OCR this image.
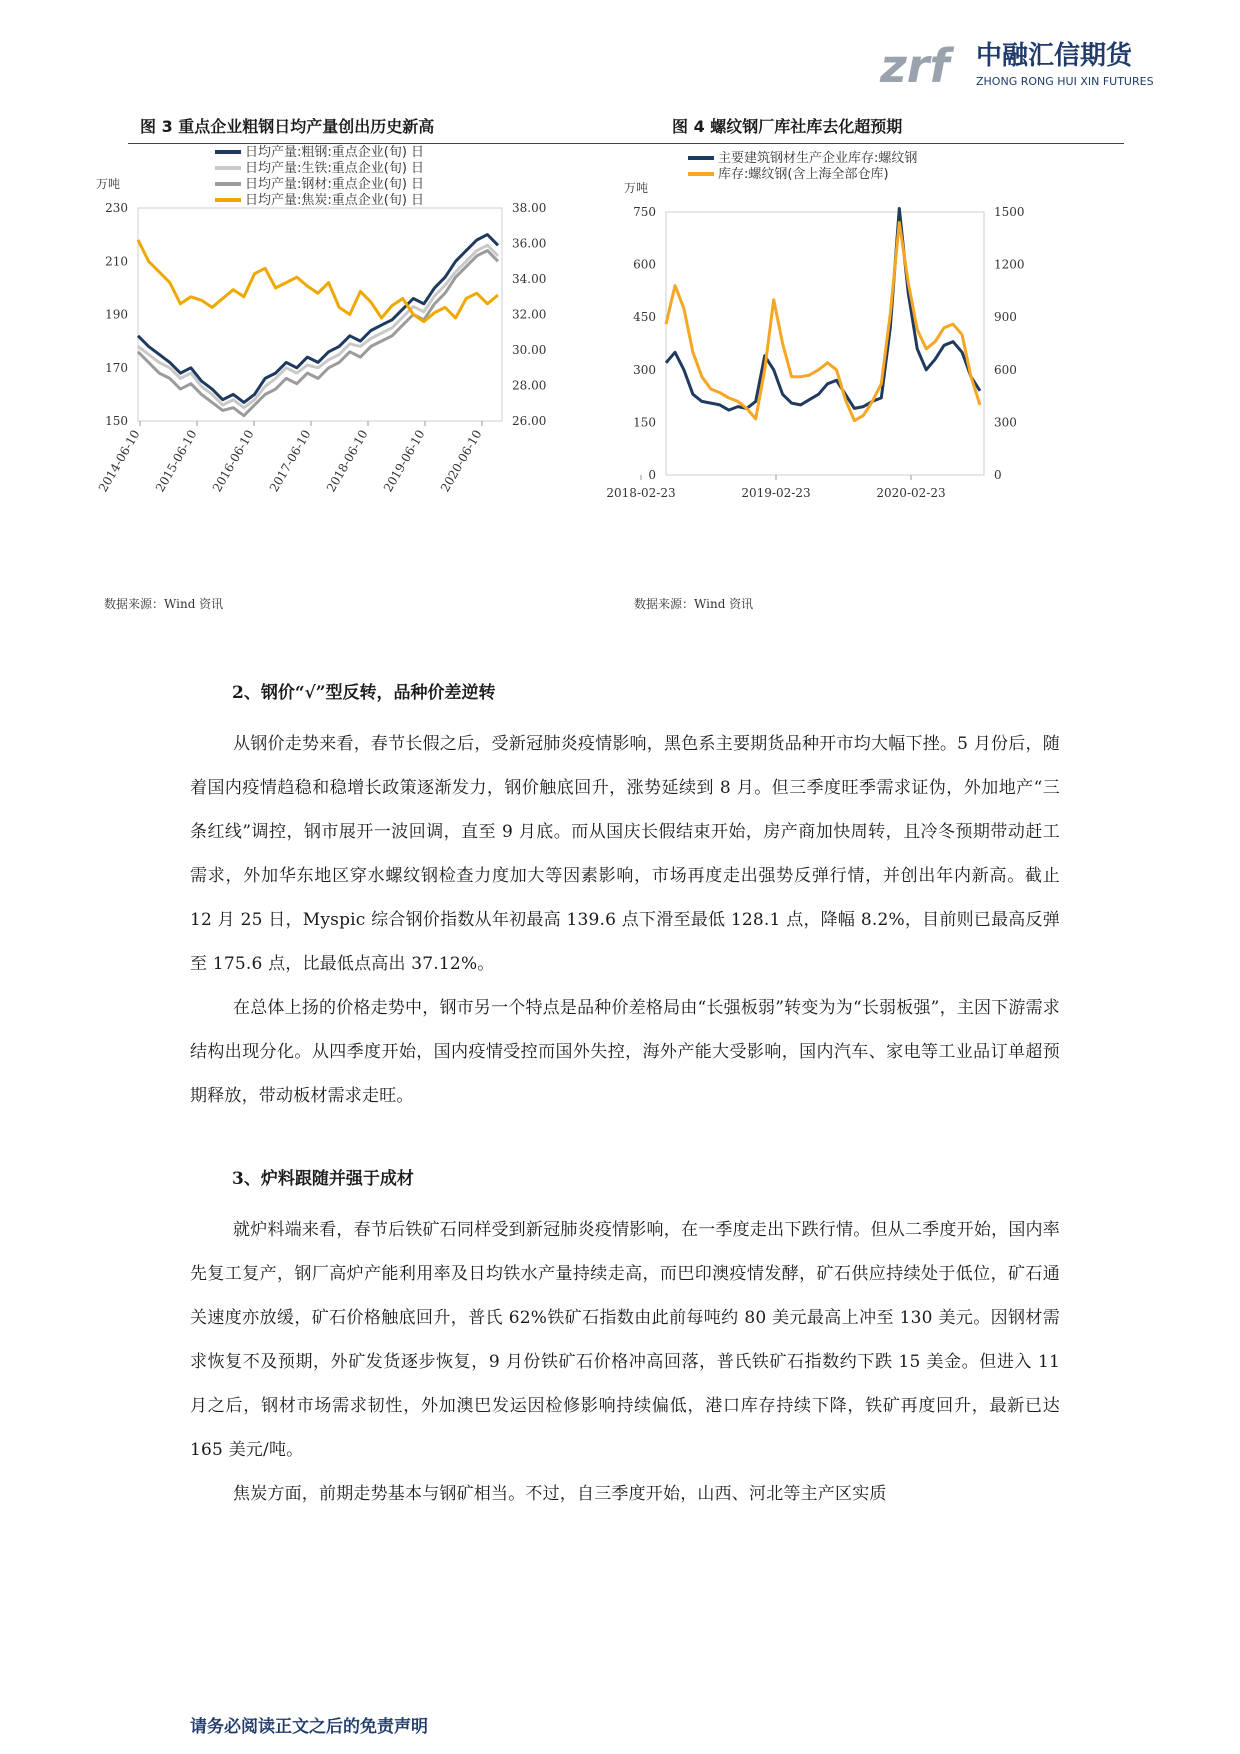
zrf 中融汇信期货
ZHONG RONG HUI XIN FUTURES
图 3 重点企业粗钢日均产量创出历史新高	图 4 螺纹钢厂库社库去化超预期
万吨
日均产量:粗钢:重点企业(旬) 日
日均产量:生铁:重点企业(旬) 日
日均产量:钢材:重点企业(旬) 日
日均产量:焦炭:重点企业(旬) 日
150
170
190
210
230
26.00
28.00
30.00
32.00
34.00
36.00
38.00
2014-06-10 2015-06-10 2016-06-10 2017-06-10 2018-06-10 2019-06-10 2020-06-10
万吨
主要建筑钢材生产企业库存:螺纹钢
库存:螺纹钢(含上海全部仓库)
0
150
300
450
600
750
0
300
600
900
1200
1500
2018-02-23	2019-02-23	2020-02-23
数据来源：Wind 资讯	数据来源：Wind 资讯
2、钢价“√”型反转，品种价差逆转

从钢价走势来看，春节长假之后，受新冠肺炎疫情影响，黑色系主要期货品种开市均大幅下挫。5 月份后，随着国内疫情趋稳和稳增长政策逐渐发力，钢价触底回升，涨势延续到 8 月。但三季度旺季需求证伪，外加地产“三条红线”调控，钢市展开一波回调，直至 9 月底。而从国庆长假结束开始，房产商加快周转，且冷冬预期带动赶工需求，外加华东地区穿水螺纹钢检查力度加大等因素影响，市场再度走出强势反弹行情，并创出年内新高。截止 12 月 25 日，Myspic 综合钢价指数从年初最高 139.6 点下滑至最低 128.1 点，降幅 8.2%，目前则已最高反弹至 175.6 点，比最低点高出 37.12%。

在总体上扬的价格走势中，钢市另一个特点是品种价差格局由“长强板弱”转变为为“长弱板强”，主因下游需求结构出现分化。从四季度开始，国内疫情受控而国外失控，海外产能大受影响，国内汽车、家电等工业品订单超预期释放，带动板材需求走旺。

3、炉料跟随并强于成材

就炉料端来看，春节后铁矿石同样受到新冠肺炎疫情影响，在一季度走出下跌行情。但从二季度开始，国内率先复工复产，钢厂高炉产能利用率及日均铁水产量持续走高，而巴印澳疫情发酵，矿石供应持续处于低位，矿石通关速度亦放缓，矿石价格触底回升，普氏 62%铁矿石指数由此前每吨约 80 美元最高上冲至 130 美元。因钢材需求恢复不及预期，外矿发货逐步恢复，9 月份铁矿石价格冲高回落，普氏铁矿石指数约下跌 15 美金。但进入 11 月之后，钢材市场需求韧性，外加澳巴发运因检修影响持续偏低，港口库存持续下降，铁矿再度回升，最新已达 165 美元/吨。

焦炭方面，前期走势基本与钢矿相当。不过，自三季度开始，山西、河北等主产区实质

请务必阅读正文之后的免责声明
